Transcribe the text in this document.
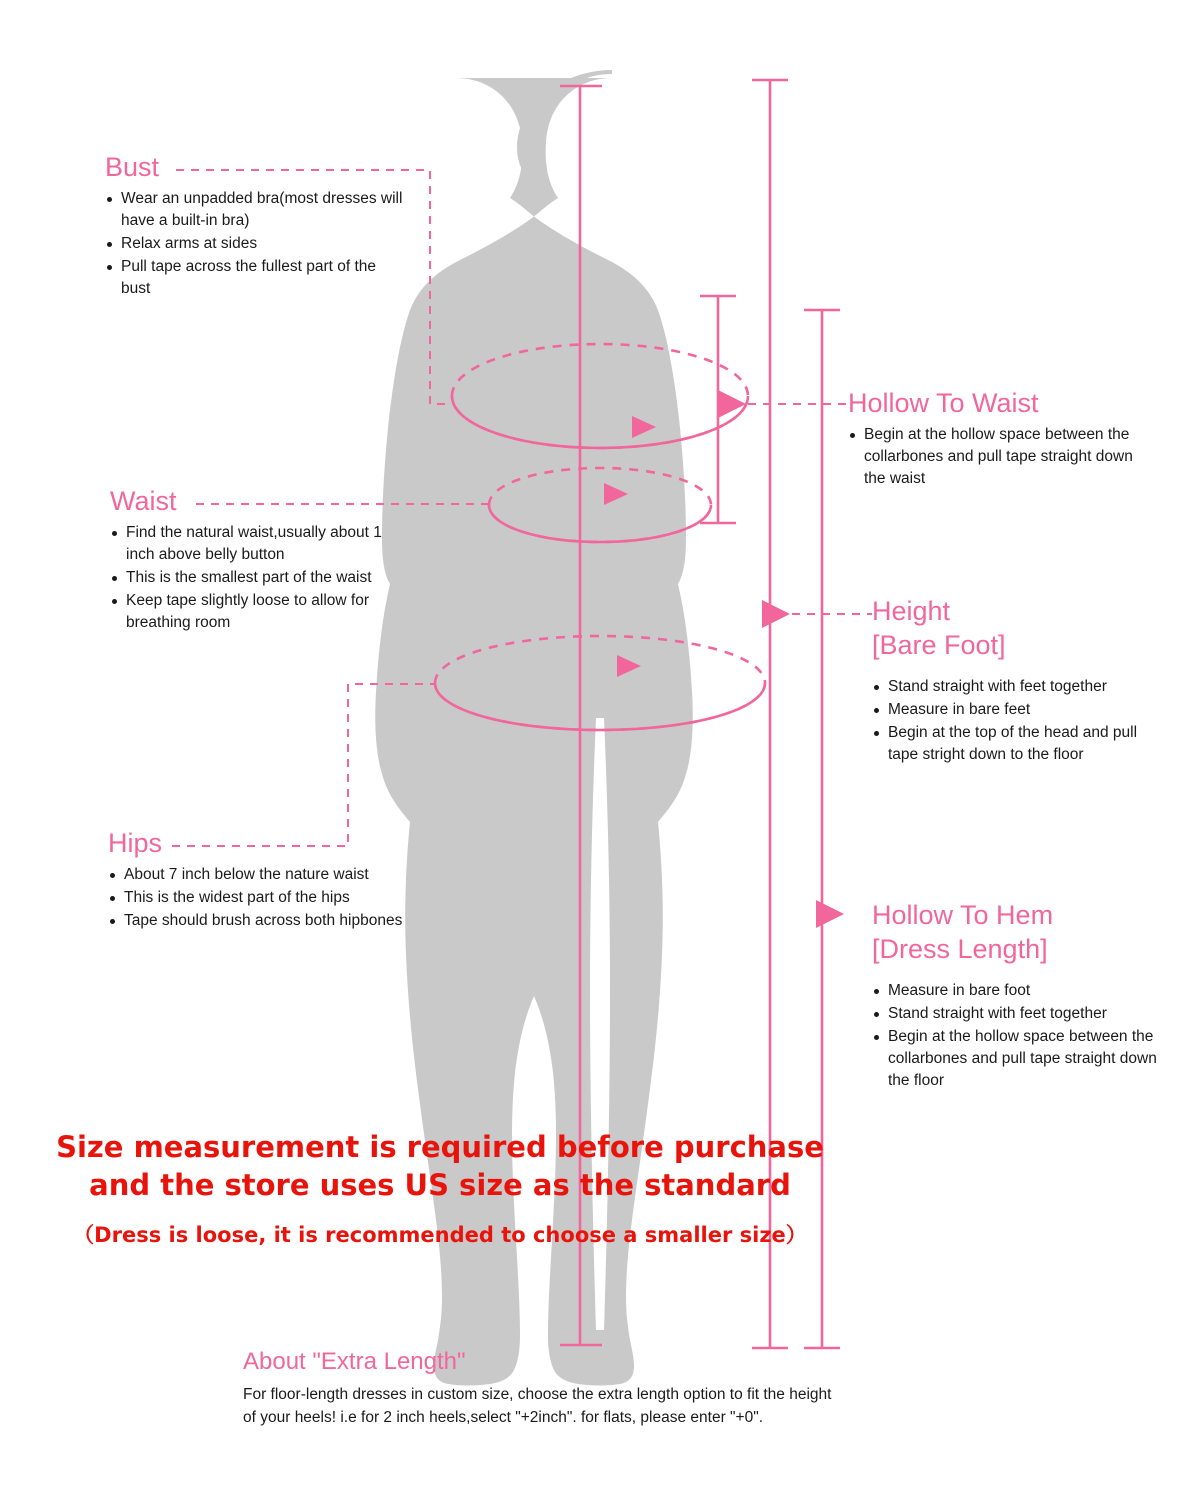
Bust
Wear an unpadded bra(most dresses will have a built-in bra)
Relax arms at sides
Pull tape across the fullest part of the bust
Waist
Find the natural waist,usually about 1 inch above belly button
This is the smallest part of the waist
Keep tape slightly loose to allow for breathing room
Hips
About 7 inch below the nature waist
This is the widest part of the hips
Tape should brush across both hipbones
Hollow To Waist
Begin at the hollow space between the collarbones and pull tape straight down the waist
Height
[Bare Foot]
Stand straight with feet together
Measure in bare feet
Begin at the top of the head and pull tape stright down to the floor
Hollow To Hem
[Dress Length]
Measure in bare foot
Stand straight with feet together
Begin at the hollow space between the collarbones and pull tape straight down the floor
Size measurement is required before purchase
and the store uses US size as the standard
（Dress is loose, it is recommended to choose a smaller size）
About "Extra Length"
For floor-length dresses in custom size, choose the extra length option to fit the height
of your heels! i.e for 2 inch heels,select "+2inch". for flats, please enter "+0".
